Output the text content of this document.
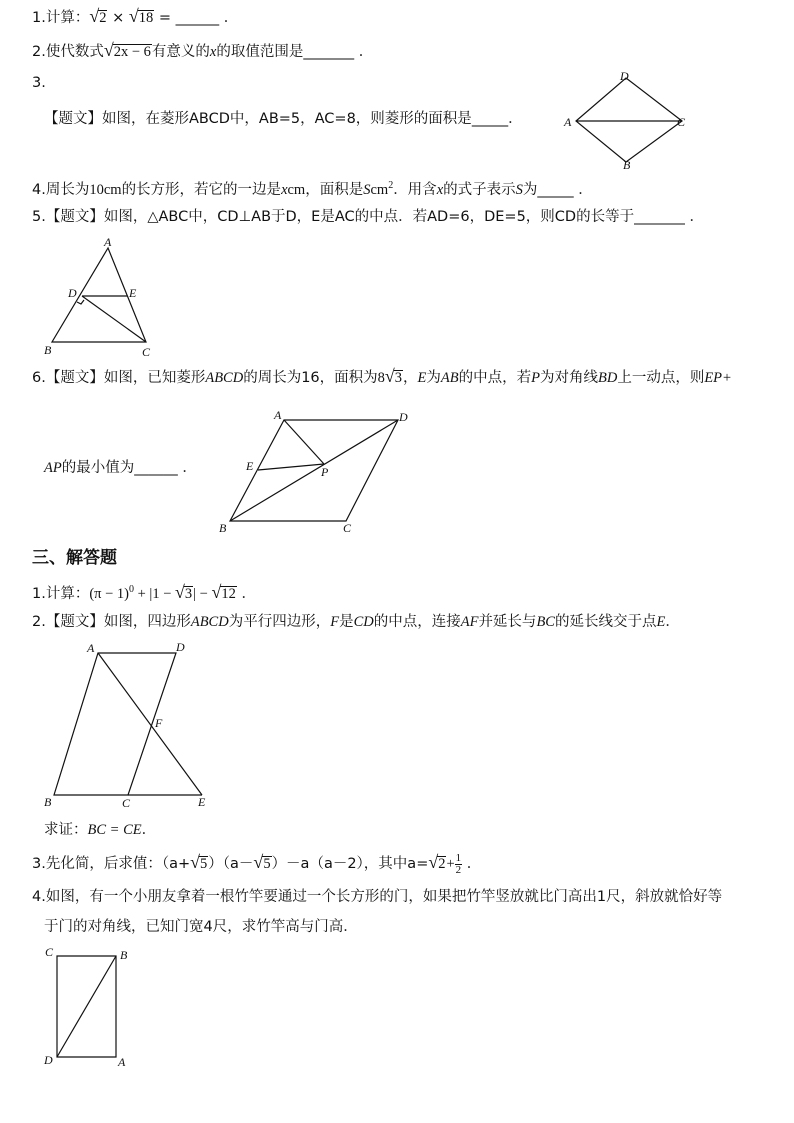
1.计算：√2 × √18 = ______ ．
2.使代数式√2x − 6有意义的x的取值范围是_______ ．
3.
【题文】如图，在菱形ABCD中，AB=5，AC=8，则菱形的面积是_____．
D
A	C
B
4.周长为10cm的长方形，若它的一边是xcm，面积是Scm$^2$．用含x的式子表示S为_____ ．
5.【题文】如图，△ABC中，CD⊥AB于D，E是AC的中点．若AD=6，DE=5，则CD的长等于_______ ．
A
D	E
B	C
6.【题文】如图，已知菱形ABCD的周长为16，面积为8√3，E为AB的中点，若P为对角线BD上一动点，则EP+
AP的最小值为______ ．
A	D
E	P
B	C
三、解答题
1.计算：$(\pi - 1)^0 + |1 - √3| - √12$ ．
2.【题文】如图，四边形ABCD为平行四边形，F是CD的中点，连接AF并延长与BC的延长线交于点E．
A	D
F
B	C	E
求证：BC = CE．
3.先化简，后求值：（a+√5）（a－√5）－a（a－2），其中$a=√2+ \frac{1}{2}$ ．
4.如图，有一个小朋友拿着一根竹竿要通过一个长方形的门，如果把竹竿竖放就比门高出1尺，斜放就恰好等
于门的对角线，已知门宽4尺，求竹竿高与门高．
C	B
D	A
